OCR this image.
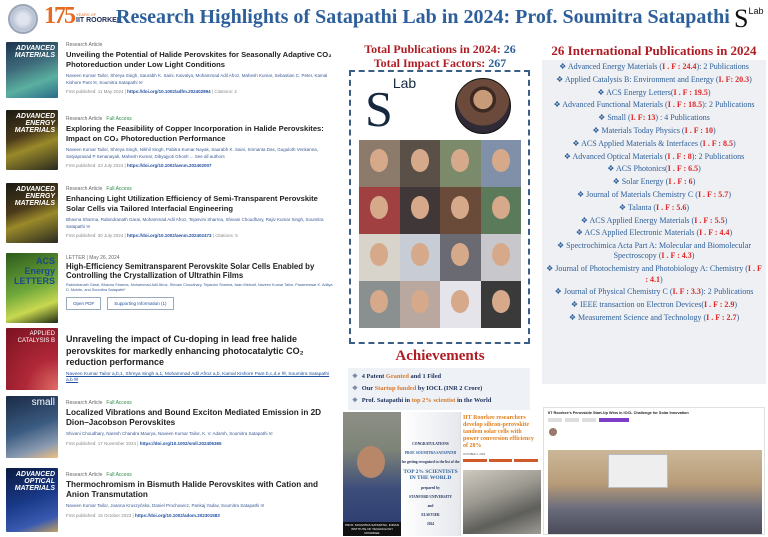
175 YEARS OF
IIT ROORKEE
Research Highlights of Satapathi Lab in 2024: Prof. Soumitra Satapathi $S^{Lab}$
ADVANCED MATERIALS
Research Article
Unveiling the Potential of Halide Perovskites for Seasonally Adaptive CO₂ Photoreduction under Low Light Conditions
Naveen Kumar Tailor, Shreya Singh, Saurabh K. Saini, Kaivalya, Mohammad Adil Afroz, Mahesh Kumar, Sebastian C. Peter, Kamal Kishore Pant ✉, Soumitra Satapathi ✉
First published: 11 May 2024 | https://doi.org/10.1002/adfm.202402894 | Citations: 2
ADVANCED ENERGY MATERIALS
Research Article Full Access
Exploring the Feasibility of Copper Incorporation in Halide Perovskites: Impact on CO₂ Photoreduction Performance
Naveen Kumar Tailor, Shreya Singh, Nikhil Singh, Pabitra Kumar Nayak, Saurabh K. Saini, Srimanta Das, Guguloth Venkanna, Satyaprasad P Senanayak, Mahesh Kumar, Dibyajyoti Ghosh ... See all authors
First published: 23 July 2024 | https://doi.org/10.1002/aenm.202402007
ADVANCED ENERGY MATERIALS
Research Article Full Access
Enhancing Light Utilization Efficiency of Semi-Transparent Perovskite Solar Cells via Tailored Interfacial Engineering
Bhavna Sharma, Rabindranath Garai, Mohammad Adil Afroz, Tejasvini Sharma, Shivani Choudhary, Rajiv Kumar Singh, Soumitra Satapathi ✉
First published: 30 July 2024 | https://doi.org/10.1002/aenm.202402473 | Citations: 5
ACS Energy LETTERS
LETTER | May 26, 2024
High-Efficiency Semitransparent Perovskite Solar Cells Enabled by Controlling the Crystallization of Ultrathin Films
Rabindranath Garai, Bhavna Sharma, Mohammad Adil Afroz, Shivani Choudhary, Tejasvini Sharma, Iwan Metcalf, Naveen Kumar Tailor, Parameswar K. Aditya D. Mohite, and Soumitra Satapathi*
Open PDF	Supporting Information (1)
APPLIED CATALYSIS B	Unraveling the impact of Cu-doping in lead free halide perovskites for markedly enhancing photocatalytic CO₂ reduction performance
Naveen Kumar Tailor a,b,1, Shreya Singh a,1, Mohammad Adil Afroz a,b, Kamal Kishore Pant b,c,d,e ✉, Soumitra Satapathi a,b ✉
small	Research Article Full Access
Localized Vibrations and Bound Exciton Mediated Emission in 2D Dion–Jacobson Perovskites
Shivani Choudhary, Naresh Chandra Maurya, Naveen Kumar Tailor, K. V. Adarsh, Soumitra Satapathi ✉
First published: 17 November 2024 | https://doi.org/10.1002/smll.202406365
ADVANCED OPTICAL MATERIALS
Research Article Full Access
Thermochromism in Bismuth Halide Perovskites with Cation and Anion Transmutation
Naveen Kumar Tailor, Joanna Kruszyńska, Daniel Prochowicz, Pankaj Yadav, Soumitra Satapathi ✉
First published: 15 October 2023 | https://doi.org/10.1002/adom.202301583
Total Publications in 2024: 26
Total Impact Factors: 267
$S^{Lab}$
Achievements
❖ 4 Patent Granted and 1 Filed
❖ Our Startup funded by IOCL (INR 2 Crore)
❖ Prof. Satapathi in top 2% scientist in the World
PROF. SOUMITRA SATAPATHI, INDIAN INSTITUTE OF TECHNOLOGY ROORKEE
CONGRATULATIONS
PROF. SOUMITRA SATAPATHI
for getting recognised to the list of the
TOP 2% SCIENTISTS IN THE WORLD
prepared by
STANFORD UNIVERSITY
and
ELSEVIER
2024
IIT Roorkee researchers develop silicon-perovskite tandem solar cells with power conversion efficiency of 28%

OCTOBER 1, 2024

26 International Publications in 2024
❖ Advanced Energy Materials (I . F : 24.4): 2 Publications
❖ Applied Catalysis B: Environment and Energy (I. F: 20.3)
❖ ACS Energy Letters(I . F : 19.5)
❖ Advanced Functional Materials (I . F : 18.5): 2 Publications
❖ Small (I. F: 13) : 4 Publications
❖ Materials Today Physics (I . F : 10)
❖ ACS Applied Materials & Interfaces (I . F : 8.5)
❖ Advanced Optical Materials (I . F : 8): 2 Publications
❖ ACS Photonics(I . F : 6.5)
❖ Solar Energy (I . F : 6)
❖ Journal of Materials Chemistry C (I . F : 5.7)
❖ Talanta (I . F : 5.6)
❖ ACS Applied Energy Materials (I . F : 5.5)
❖ ACS Applied Electronic Materials (I . F : 4.4)
❖ Spectrochimica Acta Part A: Molecular and Biomolecular Spectroscopy (I . F : 4.3)
❖ Journal of Photochemistry and Photobiology A: Chemistry (I . F : 4.1)
❖ Journal of Physical Chemistry C (I. F : 3.3): 2 Publications
❖ IEEE transaction on Electron Devices(I . F : 2.9)
❖ Measurement Science and Technology (I . F : 2.7)
IIT Roorkee's Perovskite Start-Up Wins in IOCL Challenge for Solar Innovation
